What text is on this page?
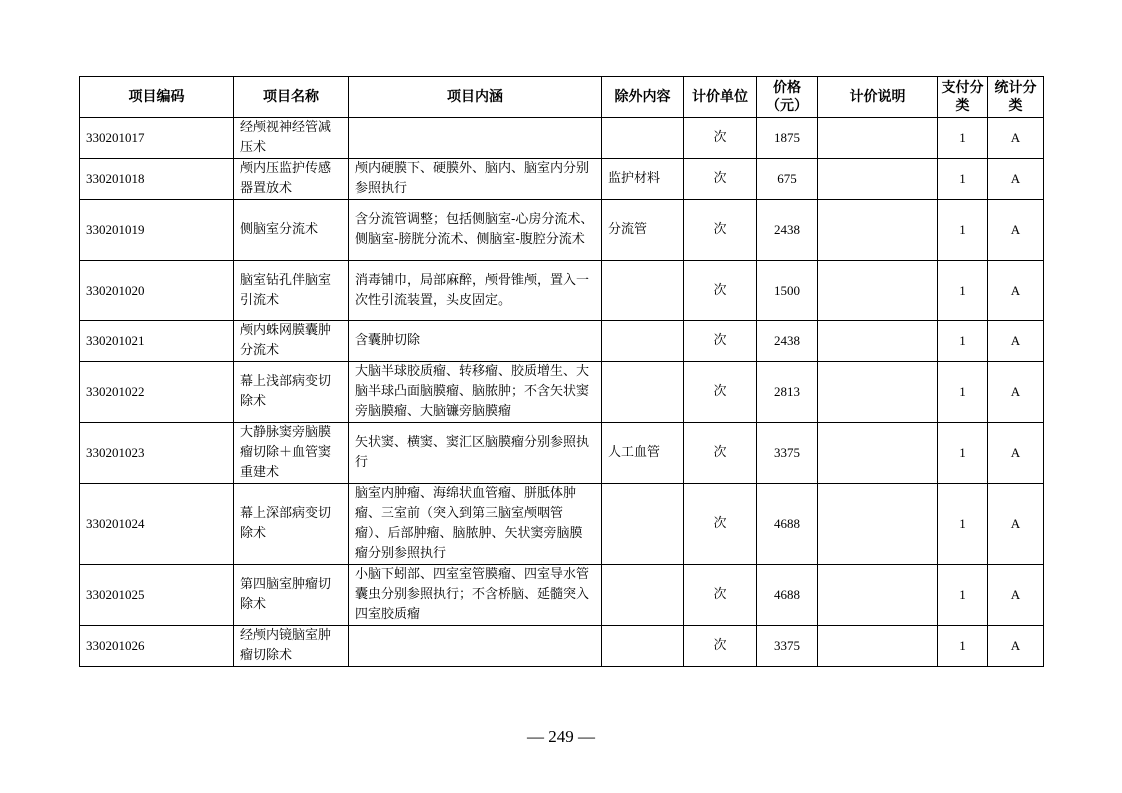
项目编码	项目名称	项目内涵	除外内容	计价单位	价格（元）	计价说明	支付分类	统计分类
330201017	经颅视神经管减压术			次	1875		1	A
330201018	颅内压监护传感器置放术	颅内硬膜下、硬膜外、脑内、脑室内分别参照执行	监护材料	次	675		1	A
330201019	侧脑室分流术	含分流管调整；包括侧脑室-心房分流术、侧脑室-膀胱分流术、侧脑室-腹腔分流术	分流管	次	2438		1	A
330201020	脑室钻孔伴脑室引流术	消毒铺巾，局部麻醉，颅骨锥颅，置入一次性引流装置，头皮固定。		次	1500		1	A
330201021	颅内蛛网膜囊肿分流术	含囊肿切除		次	2438		1	A
330201022	幕上浅部病变切除术	大脑半球胶质瘤、转移瘤、胶质增生、大脑半球凸面脑膜瘤、脑脓肿；不含矢状窦旁脑膜瘤、大脑镰旁脑膜瘤		次	2813		1	A
330201023	大静脉窦旁脑膜瘤切除＋血管窦重建术	矢状窦、横窦、窦汇区脑膜瘤分别参照执行	人工血管	次	3375		1	A
330201024	幕上深部病变切除术	脑室内肿瘤、海绵状血管瘤、胼胝体肿瘤、三室前（突入到第三脑室颅咽管瘤）、后部肿瘤、脑脓肿、矢状窦旁脑膜瘤分别参照执行		次	4688		1	A
330201025	第四脑室肿瘤切除术	小脑下蚓部、四室室管膜瘤、四室导水管囊虫分别参照执行；不含桥脑、延髓突入四室胶质瘤		次	4688		1	A
330201026	经颅内镜脑室肿瘤切除术			次	3375		1	A
— 249 —
